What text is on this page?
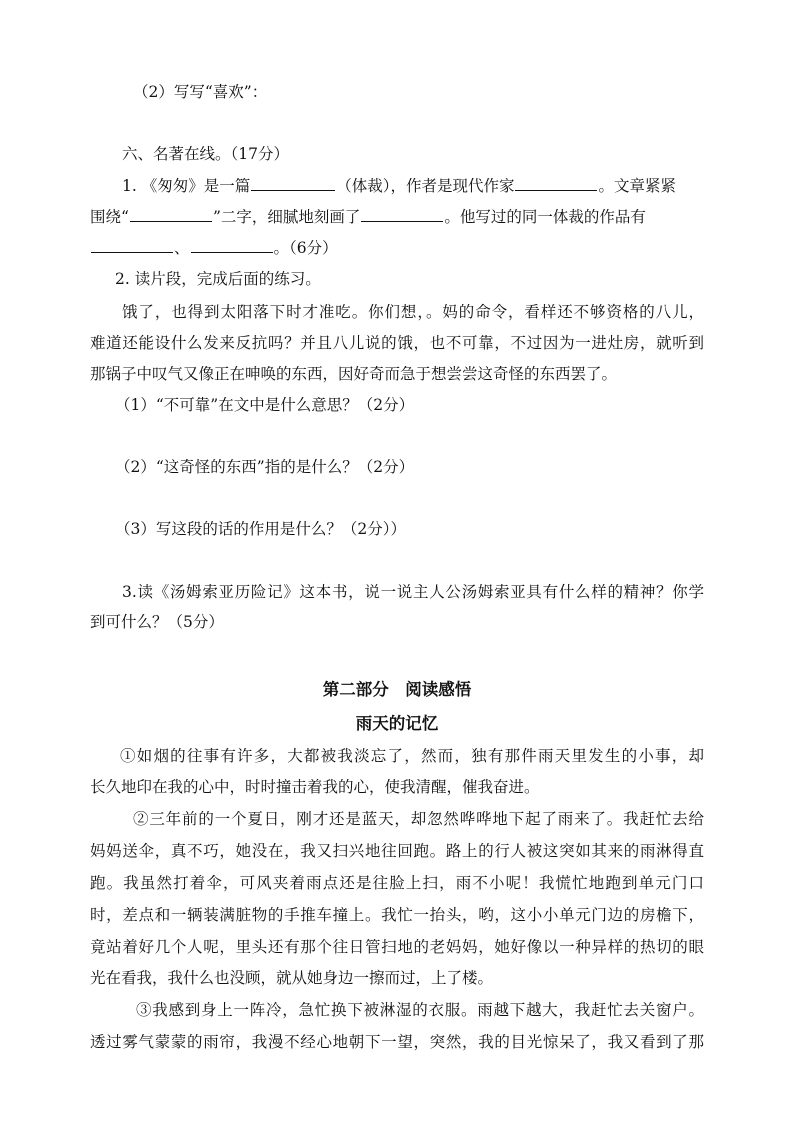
（2）写写“喜欢”：
六、名著在线。（17分）
1. 《匆匆》是一篇	（体裁），作者是现代作家	。文章紧紧
围绕“	”二字，细腻地刻画了	。他写过的同一体裁的作品有
、	。（6分）
2. 读片段，完成后面的练习。
饿了，也得到太阳落下时才准吃。你们想，。妈的命令，看样还不够资格的八儿，
难道还能设什么发来反抗吗？并且八儿说的饿，也不可靠，不过因为一进灶房，就听到
那锅子中叹气又像正在呻唤的东西，因好奇而急于想尝尝这奇怪的东西罢了。
（1）“不可靠”在文中是什么意思？（2分）
（2）“这奇怪的东西”指的是什么？（2分）
（3）写这段的话的作用是什么？（2分））
3.读《汤姆索亚历险记》这本书，说一说主人公汤姆索亚具有什么样的精神？你学
到可什么？（5分）
第二部分　阅读感悟
雨天的记忆
①如烟的往事有许多，大都被我淡忘了，然而，独有那件雨天里发生的小事，却
长久地印在我的心中，时时撞击着我的心，使我清醒，催我奋进。
②三年前的一个夏日，刚才还是蓝天，却忽然哗哗地下起了雨来了。我赶忙去给
妈妈送伞，真不巧，她没在，我又扫兴地往回跑。路上的行人被这突如其来的雨淋得直
跑。我虽然打着伞，可风夹着雨点还是往脸上扫，雨不小呢！我慌忙地跑到单元门口
时，差点和一辆装满脏物的手推车撞上。我忙一抬头，哟，这小小单元门边的房檐下，
竟站着好几个人呢，里头还有那个往日管扫地的老妈妈，她好像以一种异样的热切的眼
光在看我，我什么也没顾，就从她身边一擦而过，上了楼。
③我感到身上一阵冷，急忙换下被淋湿的衣服。雨越下越大，我赶忙去关窗户。
透过雾气蒙蒙的雨帘，我漫不经心地朝下一望，突然，我的目光惊呆了，我又看到了那
